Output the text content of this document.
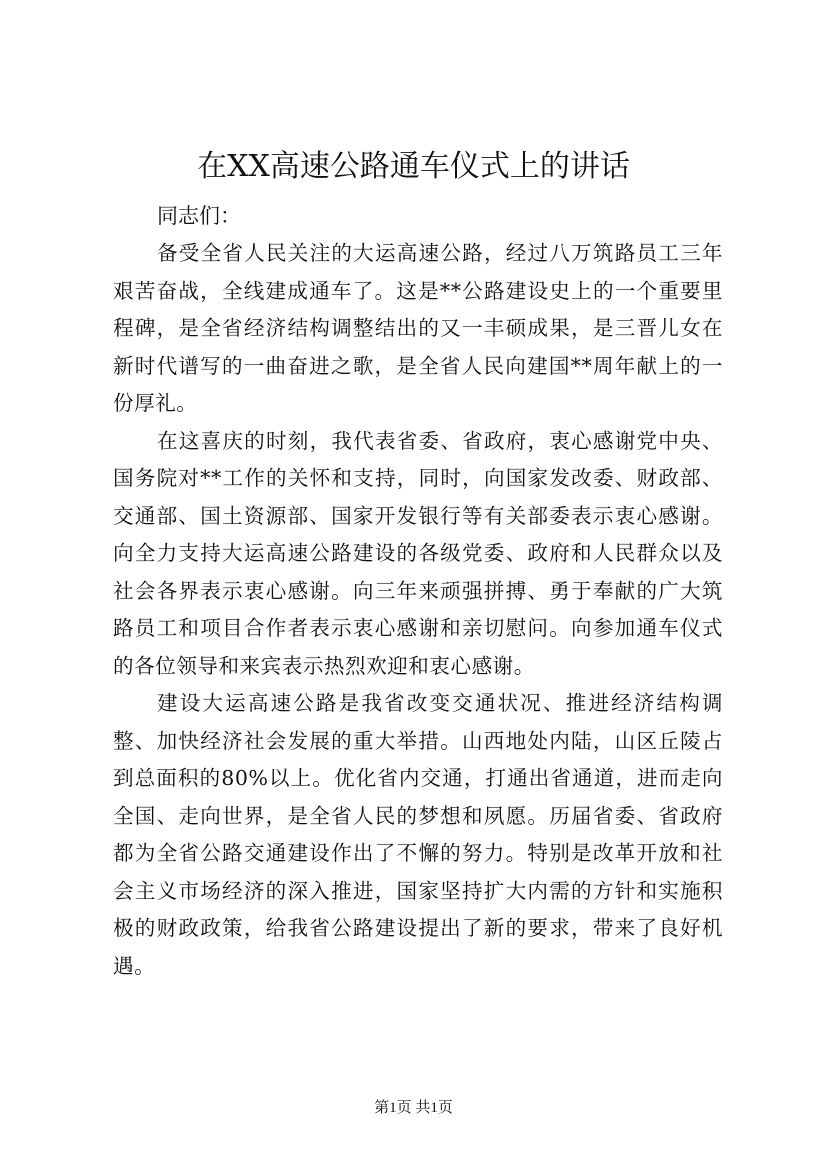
在XX高速公路通车仪式上的讲话

同志们：

备受全省人民关注的大运高速公路，经过八万筑路员工三年艰苦奋战，全线建成通车了。这是**公路建设史上的一个重要里程碑，是全省经济结构调整结出的又一丰硕成果，是三晋儿女在新时代谱写的一曲奋进之歌，是全省人民向建国**周年献上的一份厚礼。

在这喜庆的时刻，我代表省委、省政府，衷心感谢党中央、国务院对**工作的关怀和支持，同时，向国家发改委、财政部、交通部、国土资源部、国家开发银行等有关部委表示衷心感谢。向全力支持大运高速公路建设的各级党委、政府和人民群众以及社会各界表示衷心感谢。向三年来顽强拼搏、勇于奉献的广大筑路员工和项目合作者表示衷心感谢和亲切慰问。向参加通车仪式的各位领导和来宾表示热烈欢迎和衷心感谢。

建设大运高速公路是我省改变交通状况、推进经济结构调整、加快经济社会发展的重大举措。山西地处内陆，山区丘陵占到总面积的80%以上。优化省内交通，打通出省通道，进而走向全国、走向世界，是全省人民的梦想和夙愿。历届省委、省政府都为全省公路交通建设作出了不懈的努力。特别是改革开放和社会主义市场经济的深入推进，国家坚持扩大内需的方针和实施积极的财政政策，给我省公路建设提出了新的要求，带来了良好机遇。

第1页 共1页
